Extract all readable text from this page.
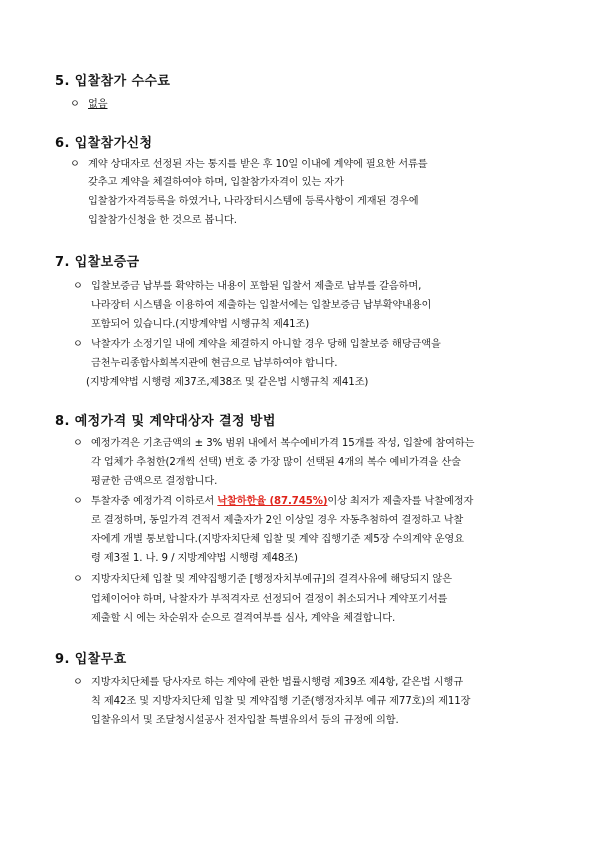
5. 입찰참가 수수료
ㅇ 없음
6. 입찰참가신청
ㅇ 계약 상대자로 선정된 자는 통지를 받은 후 10일 이내에 계약에 필요한 서류를
갖추고 계약을 체결하여야 하며, 입찰참가자격이 있는 자가
입찰참가자격등록을 하였거나, 나라장터시스템에 등록사항이 게재된 경우에
입찰참가신청을 한 것으로 봅니다.
7. 입찰보증금
ㅇ 입찰보증금 납부를 확약하는 내용이 포함된 입찰서 제출로 납부를 갈음하며,
나라장터 시스템을 이용하여 제출하는 입찰서에는 입찰보증금 납부확약내용이
포함되어 있습니다.(지방계약법 시행규칙 제41조)
ㅇ 낙찰자가 소정기일 내에 계약을 체결하지 아니할 경우 당해 입찰보증 해당금액을
금천누리종합사회복지관에 현금으로 납부하여야 합니다.
(지방계약법 시행령 제37조,제38조 및 같은법 시행규칙 제41조)
8. 예정가격 및 계약대상자 결정 방법
ㅇ 예정가격은 기초금액의 ± 3% 범위 내에서 복수예비가격 15개를 작성, 입찰에 참여하는
각 업체가 추첨한(2개씩 선택) 번호 중 가장 많이 선택된 4개의 복수 예비가격을 산술
평균한 금액으로 결정합니다.
ㅇ 투찰자중 예정가격 이하로서 낙찰하한율 (87.745%)이상 최저가 제출자를 낙찰예정자
로 결정하며, 동일가격 견적서 제출자가 2인 이상일 경우 자동추첨하여 결정하고 낙찰
자에게 개별 통보합니다.(지방자치단체 입찰 및 계약 집행기준 제5장 수의계약 운영요
령 제3절 1. 나. 9 / 지방계약법 시행령 제48조)
ㅇ 지방자치단체 입찰 및 계약집행기준 [행정자치부예규]의 결격사유에 해당되지 않은
업체이어야 하며, 낙찰자가 부적격자로 선정되어 결정이 취소되거나 계약포기서를
제출할 시 에는 차순위자 순으로 결격여부를 심사, 계약을 체결합니다.
9. 입찰무효
ㅇ 지방자치단체를 당사자로 하는 계약에 관한 법률시행령 제39조 제4항, 같은법 시행규
칙 제42조 및 지방자치단체 입찰 및 계약집행 기준(행정자치부 예규 제77호)의 제11장
입찰유의서 및 조달청시설공사 전자입찰 특별유의서 등의 규정에 의함.
